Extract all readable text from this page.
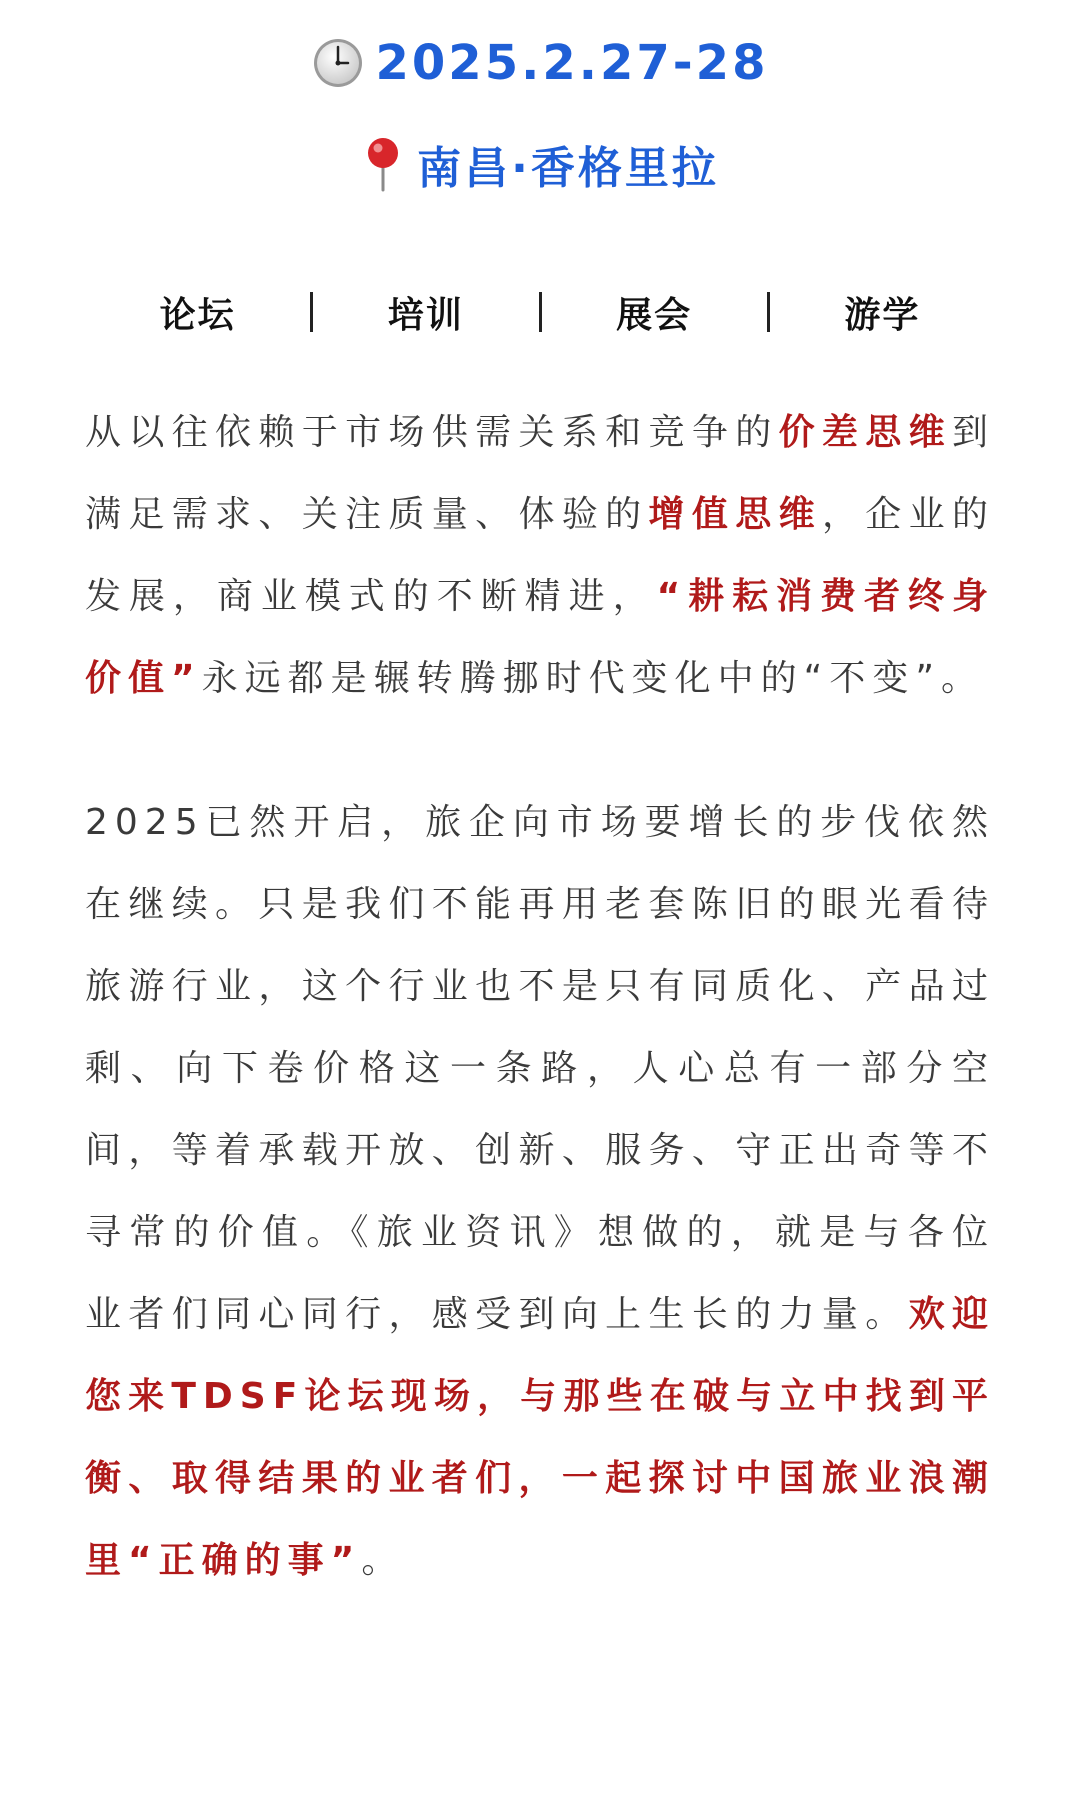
2025.2.27-28
南昌·香格里拉
论坛	培训	展会	游学

从以往依赖于市场供需关系和竞争的价差思维到满足需求、关注质量、体验的增值思维，企业的发展，商业模式的不断精进，“耕耘消费者终身价值”永远都是辗转腾挪时代变化中的“不变”。

2025已然开启，旅企向市场要增长的步伐依然在继续。只是我们不能再用老套陈旧的眼光看待旅游行业，这个行业也不是只有同质化、产品过剩、向下卷价格这一条路，人心总有一部分空间，等着承载开放、创新、服务、守正出奇等不寻常的价值。《旅业资讯》想做的，就是与各位业者们同心同行，感受到向上生长的力量。欢迎您来TDSF论坛现场，与那些在破与立中找到平衡、取得结果的业者们，一起探讨中国旅业浪潮里“正确的事”。
